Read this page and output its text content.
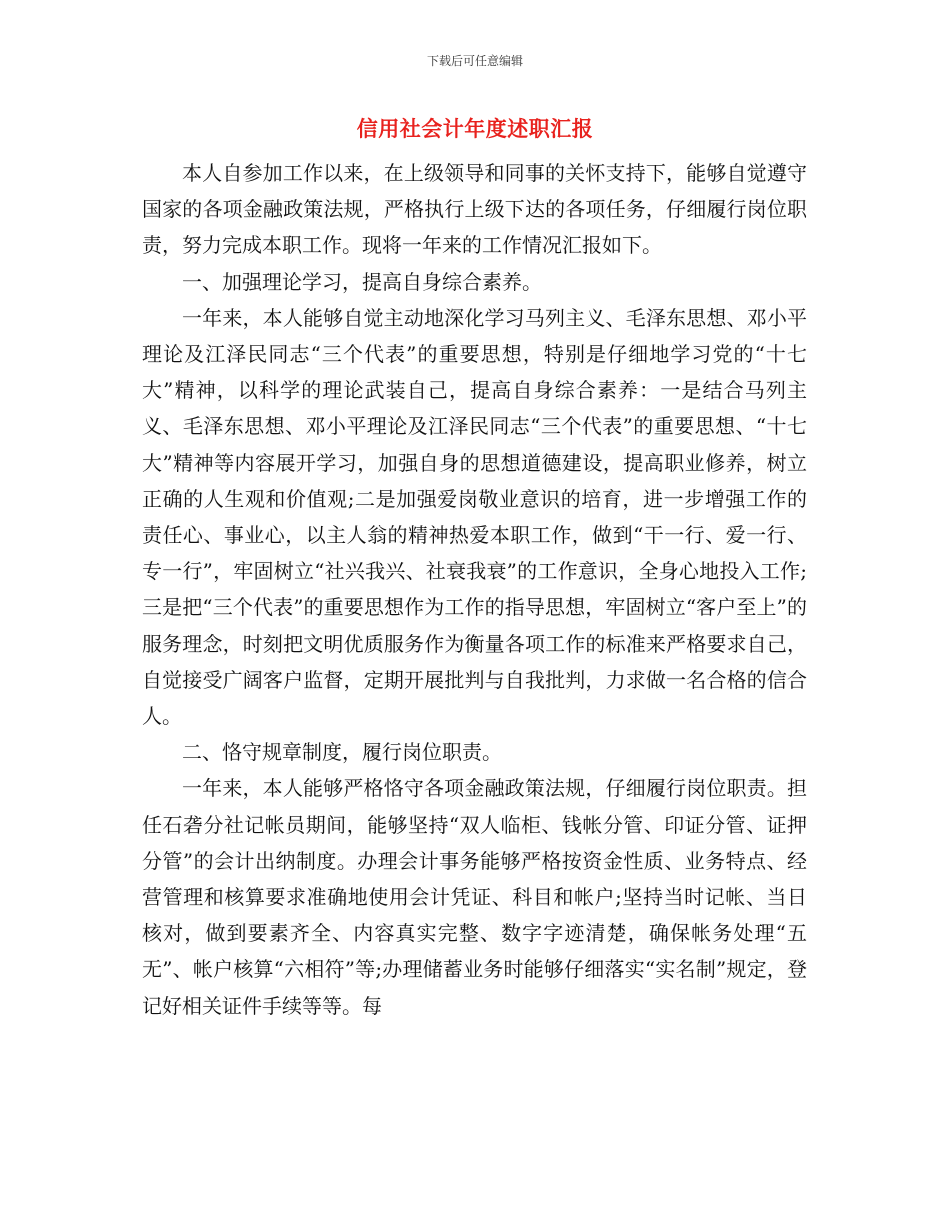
下载后可任意编辑
信用社会计年度述职汇报

本人自参加工作以来，在上级领导和同事的关怀支持下，能够自觉遵守国家的各项金融政策法规，严格执行上级下达的各项任务，仔细履行岗位职责，努力完成本职工作。现将一年来的工作情况汇报如下。

一、加强理论学习，提高自身综合素养。

一年来，本人能够自觉主动地深化学习马列主义、毛泽东思想、邓小平理论及江泽民同志“三个代表”的重要思想，特别是仔细地学习党的“十七大”精神，以科学的理论武装自己，提高自身综合素养：一是结合马列主义、毛泽东思想、邓小平理论及江泽民同志“三个代表”的重要思想、“十七大”精神等内容展开学习，加强自身的思想道德建设，提高职业修养，树立正确的人生观和价值观;二是加强爱岗敬业意识的培育，进一步增强工作的责任心、事业心，以主人翁的精神热爱本职工作，做到“干一行、爱一行、专一行”，牢固树立“社兴我兴、社衰我衰”的工作意识，全身心地投入工作;三是把“三个代表”的重要思想作为工作的指导思想，牢固树立“客户至上”的服务理念，时刻把文明优质服务作为衡量各项工作的标准来严格要求自己，自觉接受广阔客户监督，定期开展批判与自我批判，力求做一名合格的信合人。

二、恪守规章制度，履行岗位职责。

一年来，本人能够严格恪守各项金融政策法规，仔细履行岗位职责。担任石砻分社记帐员期间，能够坚持“双人临柜、钱帐分管、印证分管、证押分管”的会计出纳制度。办理会计事务能够严格按资金性质、业务特点、经营管理和核算要求准确地使用会计凭证、科目和帐户;坚持当时记帐、当日核对，做到要素齐全、内容真实完整、数字字迹清楚，确保帐务处理“五无”、帐户核算“六相符”等;办理储蓄业务时能够仔细落实“实名制”规定，登记好相关证件手续等等。每
